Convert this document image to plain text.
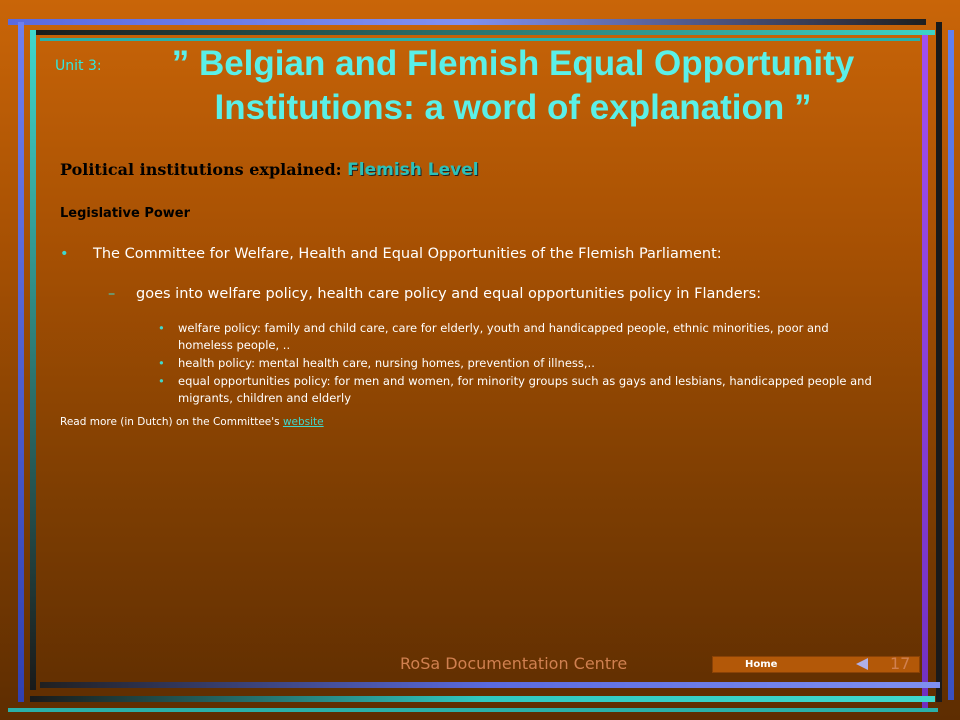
Unit 3:	” Belgian and Flemish Equal Opportunity Institutions: a word of explanation ”
Political institutions explained: Flemish Level
Legislative Power
• The Committee for Welfare, Health and Equal Opportunities of the Flemish Parliament:
– goes into welfare policy, health care policy and equal opportunities policy in Flanders:
• welfare policy: family and child care, care for elderly, youth and handicapped people, ethnic minorities, poor and homeless people, ..
• health policy: mental health care, nursing homes, prevention of illness,..
• equal opportunities policy: for men and women, for minority groups such as gays and lesbians, handicapped people and migrants, children and elderly
Read more (in Dutch) on the Committee's website
RoSa Documentation Centre	Home	17
